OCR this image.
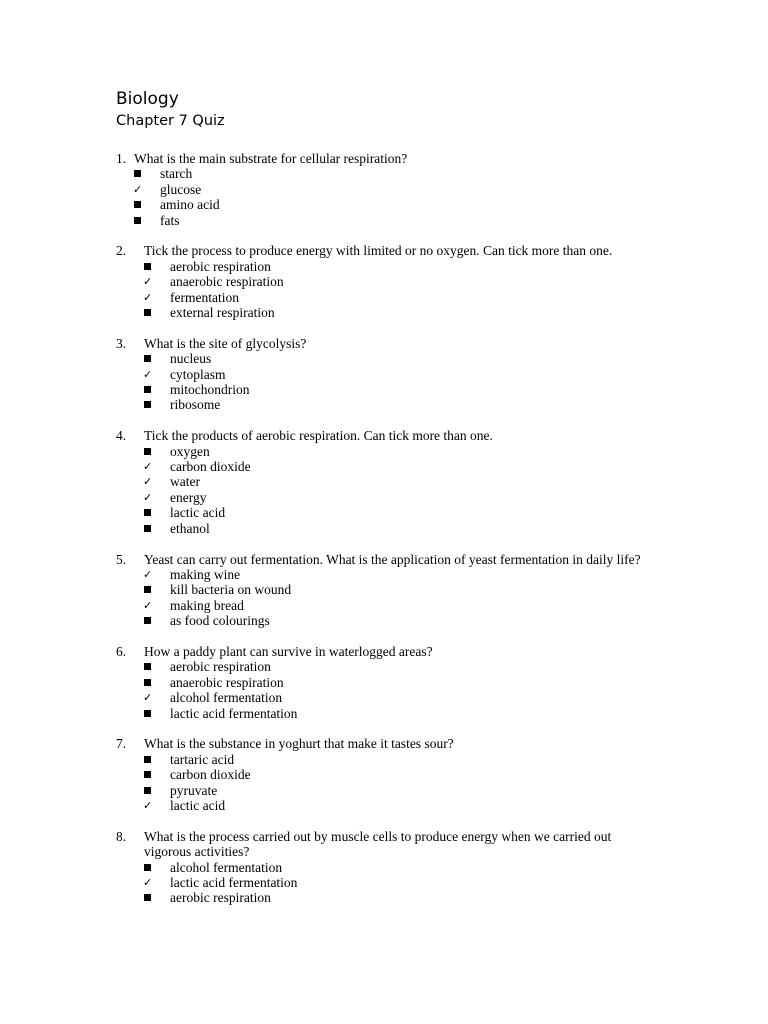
Biology
Chapter 7 Quiz
1. What is the main substrate for cellular respiration?
starch
✓	glucose
amino acid
fats
2.	Tick the process to produce energy with limited or no oxygen. Can tick more than one.
aerobic respiration
✓	anaerobic respiration
✓	fermentation
external respiration
3.	What is the site of glycolysis?
nucleus
✓	cytoplasm
mitochondrion
ribosome
4.	Tick the products of aerobic respiration. Can tick more than one.
oxygen
✓	carbon dioxide
✓	water
✓	energy
lactic acid
ethanol
5.	Yeast can carry out fermentation. What is the application of yeast fermentation in daily life?
✓	making wine
kill bacteria on wound
✓	making bread
as food colourings
6.	How a paddy plant can survive in waterlogged areas?
aerobic respiration
anaerobic respiration
✓	alcohol fermentation
lactic acid fermentation
7.	What is the substance in yoghurt that make it tastes sour?
tartaric acid
carbon dioxide
pyruvate
✓	lactic acid
8.	What is the process carried out by muscle cells to produce energy when we carried out vigorous activities?
alcohol fermentation
✓	lactic acid fermentation
aerobic respiration
